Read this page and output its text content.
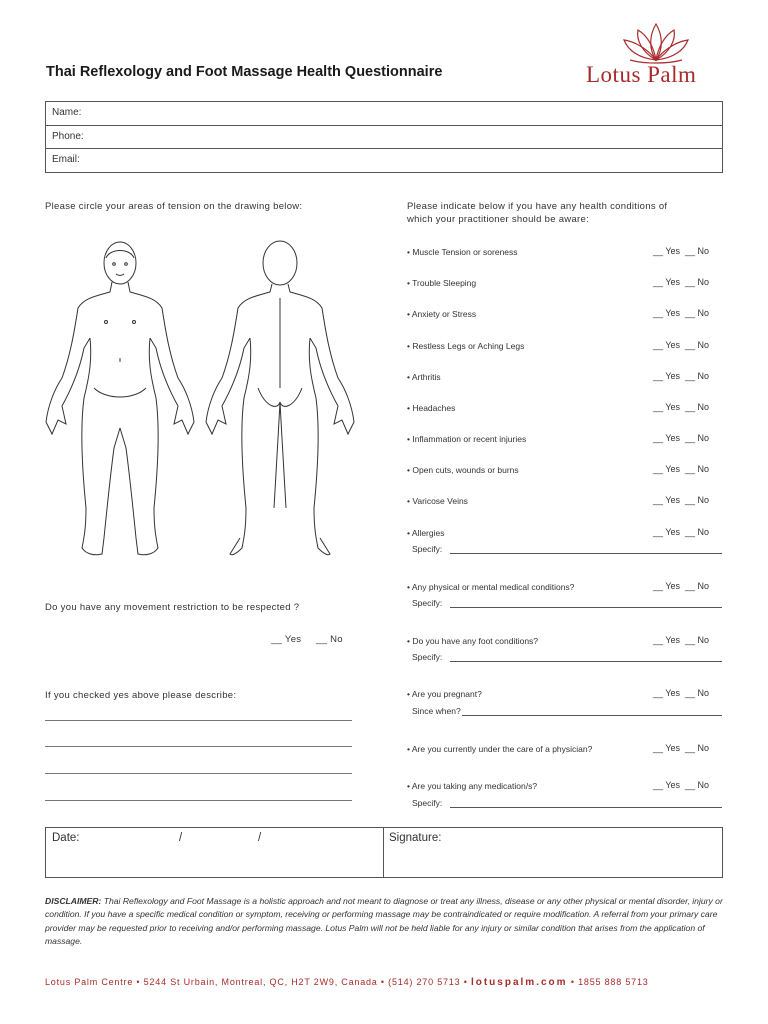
Thai Reflexology and Foot Massage Health Questionnaire	Lotus Palm
Name:
Phone:
Email:
Please circle your areas of tension on the drawing below:
Do you have any movement restriction to be respected ?
__ Yes __ No
If you checked yes above please describe:
Please indicate below if you have any health conditions of
which your practitioner should be aware:
• Muscle Tension or soreness	__ Yes __ No
• Trouble Sleeping	__ Yes __ No
• Anxiety or Stress	__ Yes __ No
• Restless Legs or Aching Legs	__ Yes __ No
• Arthritis	__ Yes __ No
• Headaches	__ Yes __ No
• Inflammation or recent injuries	__ Yes __ No
• Open cuts, wounds or burns	__ Yes __ No
• Varicose Veins	__ Yes __ No
• Allergies	__ Yes __ No
Specify:
• Any physical or mental medical conditions?	__ Yes __ No
Specify:
• Do you have any foot conditions?	__ Yes __ No
Specify:
• Are you pregnant?	__ Yes __ No
Since when?
• Are you currently under the care of a physician?	__ Yes __ No
• Are you taking any medication/s?	__ Yes __ No
Specify:
Date:	/	/	Signature:
DISCLAIMER: Thai Reflexology and Foot Massage is a holistic approach and not meant to diagnose or treat any illness, disease or any other physical or mental disorder, injury or condition. If you have a specific medical condition or symptom, receiving or performing massage may be contraindicated or require modification. A referral from your primary care provider may be requested prior to receiving and/or performing massage. Lotus Palm will not be held liable for any injury or similar condition that arises from the application of massage.
Lotus Palm Centre • 5244 St Urbain, Montreal, QC, H2T 2W9, Canada • (514) 270 5713 • lotuspalm.com • 1855 888 5713
